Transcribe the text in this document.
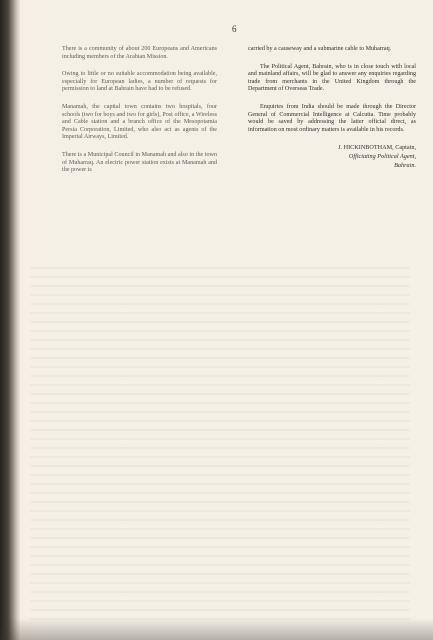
6

There is a community of about 200 Europeans and Americans including members of the Arabian Mission.

Owing to little or no suitable accommodation being available, especially for European ladies, a number of requests for permission to land at Bahrain have had to be refused.

Manamah, the capital town contains two hospitals, four schools (two for boys and two for girls), Post office, a Wireless and Cable station and a branch office of the Mesopotamia Persia Corporation, Limited, who also act as agents of the Imperial Airways, Limited.

There is a Municipal Council in Manamah and also in the town of Muharraq. An electric power station exists at Manamah and the power is

carried by a causeway and a submarine cable to Muharraq.

The Political Agent, Bahrain, who is in close touch with local and mainland affairs, will be glad to answer any enquiries regarding trade from merchants in the United Kingdom through the Department of Overseas Trade.

Enquiries from India should be made through the Director General of Commercial Intelligence at Calcutta. Time probably would be saved by addressing the latter official direct, as information on most ordinary matters is available in his records.

J. HICKINBOTHAM, Captain,
Officiating Political Agent,
Bahrain.
